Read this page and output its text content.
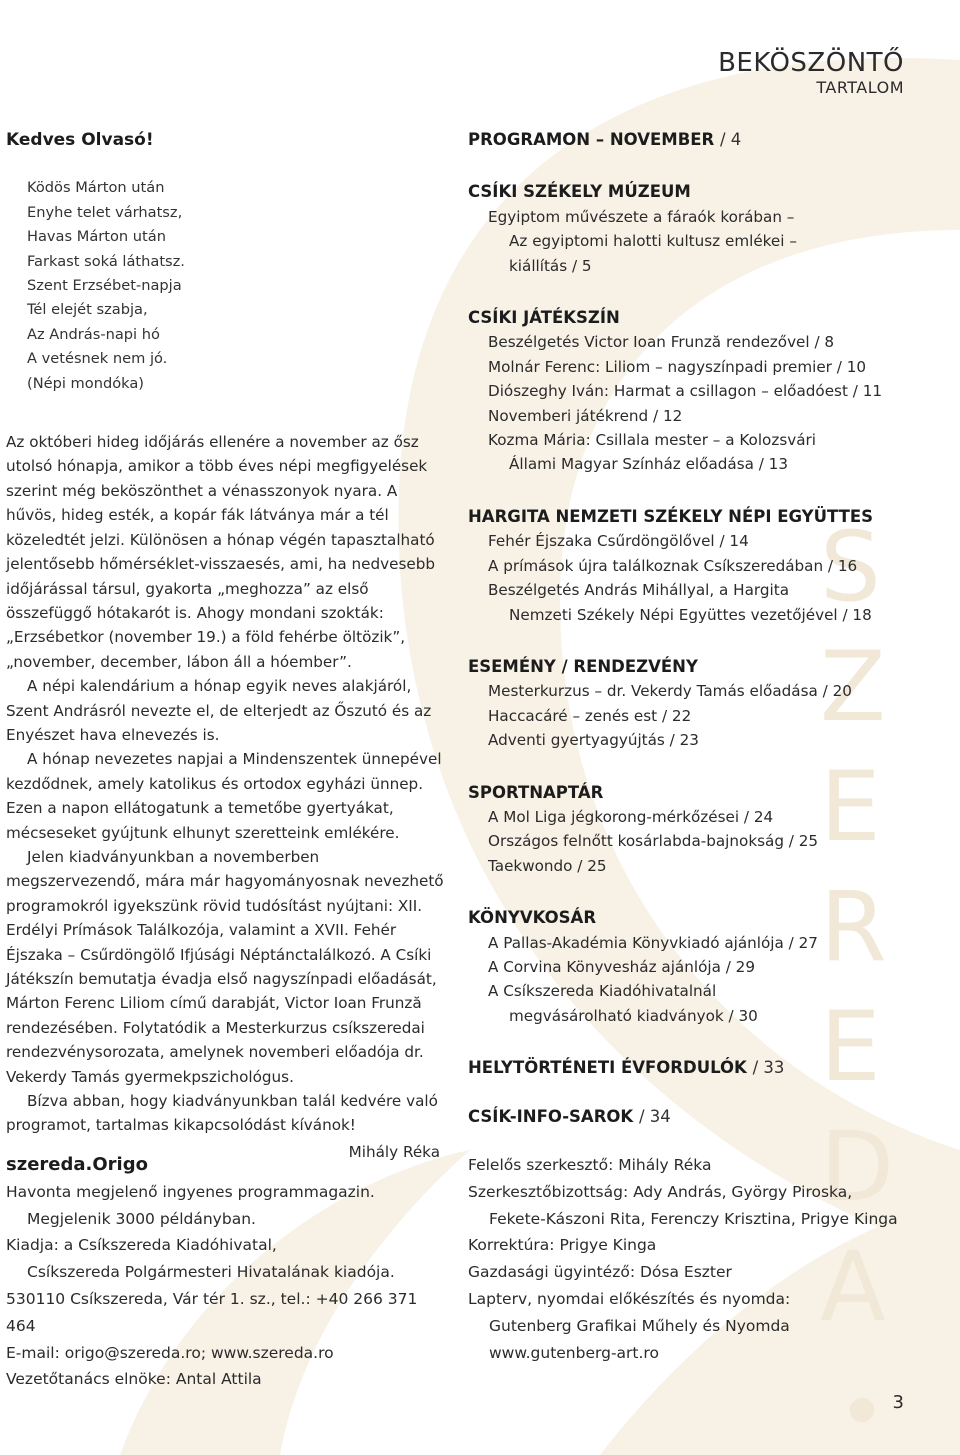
S
Z
E
R
E
D
A
BEKÖSZÖNTŐ
TARTALOM
Kedves Olvasó!
Ködös Márton után
Enyhe telet várhatsz,
Havas Márton után
Farkast soká láthatsz.
Szent Erzsébet-napja
Tél elejét szabja,
Az András-napi hó
A vetésnek nem jó.
(Népi mondóka)
Az októberi hideg időjárás ellenére a november az ősz utolsó hónapja, amikor a több éves népi megfigyelések szerint még beköszönthet a vénasszonyok nyara. A hűvös, hideg esték, a kopár fák látványa már a tél közeledtét jelzi. Különösen a hónap végén tapasztalható jelentősebb hőmérséklet-visszaesés, ami, ha nedvesebb időjárással társul, gyakorta „meghozza” az első összefüggő hótakarót is. Ahogy mondani szokták: „Erzsébetkor (november 19.) a föld fehérbe öltözik”, „november, december, lábon áll a hóember”.
A népi kalendárium a hónap egyik neves alakjáról, Szent Andrásról nevezte el, de elterjedt az Őszutó és az Enyészet hava elnevezés is.
A hónap nevezetes napjai a Mindenszentek ünnepével kezdődnek, amely katolikus és ortodox egyházi ünnep. Ezen a napon ellátogatunk a temetőbe gyertyákat, mécseseket gyújtunk elhunyt szeretteink emlékére.
Jelen kiadványunkban a novemberben megszervezendő, mára már hagyományosnak nevezhető programokról igyekszünk rövid tudósítást nyújtani: XII. Erdélyi Prímások Találkozója, valamint a XVII. Fehér Éjszaka – Csűrdöngölő Ifjúsági Néptánctalálkozó. A Csíki Játékszín bemutatja évadja első nagyszínpadi előadását, Márton Ferenc Liliom című darabját, Victor Ioan Frunză rendezésében. Folytatódik a Mesterkurzus csíkszeredai rendezvénysorozata, amelynek novemberi előadója dr. Vekerdy Tamás gyermekpszichológus.
Bízva abban, hogy kiadványunkban talál kedvére való programot, tartalmas kikapcsolódást kívánok!
Mihály Réka
szereda.Origo
Havonta megjelenő ingyenes programmagazin.
Megjelenik 3000 példányban.
Kiadja: a Csíkszereda Kiadóhivatal,
Csíkszereda Polgármesteri Hivatalának kiadója.
530110 Csíkszereda, Vár tér 1. sz., tel.: +40 266 371 464
E-mail: origo@szereda.ro; www.szereda.ro
Vezetőtanács elnöke: Antal Attila
PROGRAMON – NOVEMBER / 4
CSÍKI SZÉKELY MÚZEUM
Egyiptom művészete a fáraók korában –
Az egyiptomi halotti kultusz emlékei –
kiállítás / 5
CSÍKI JÁTÉKSZÍN
Beszélgetés Victor Ioan Frunză rendezővel / 8
Molnár Ferenc: Liliom – nagyszínpadi premier / 10
Diószeghy Iván: Harmat a csillagon – előadóest / 11
Novemberi játékrend / 12
Kozma Mária: Csillala mester – a Kolozsvári
Állami Magyar Színház előadása / 13
HARGITA NEMZETI SZÉKELY NÉPI EGYÜTTES
Fehér Éjszaka Csűrdöngölővel / 14
A prímások újra találkoznak Csíkszeredában / 16
Beszélgetés András Mihállyal, a Hargita
Nemzeti Székely Népi Együttes vezetőjével / 18
ESEMÉNY / RENDEZVÉNY
Mesterkurzus – dr. Vekerdy Tamás előadása / 20
Haccacáré – zenés est / 22
Adventi gyertyagyújtás / 23
SPORTNAPTÁR
A Mol Liga jégkorong-mérkőzései / 24
Országos felnőtt kosárlabda-bajnokság / 25
Taekwondo / 25
KÖNYVKOSÁR
A Pallas-Akadémia Könyvkiadó ajánlója / 27
A Corvina Könyvesház ajánlója / 29
A Csíkszereda Kiadóhivatalnál
megvásárolható kiadványok / 30
HELYTÖRTÉNETI ÉVFORDULÓK / 33
CSÍK-INFO-SAROK / 34
Felelős szerkesztő: Mihály Réka
Szerkesztőbizottság: Ady András, György Piroska,
Fekete-Kászoni Rita, Ferenczy Krisztina, Prigye Kinga
Korrektúra: Prigye Kinga
Gazdasági ügyintéző: Dósa Eszter
Lapterv, nyomdai előkészítés és nyomda:
Gutenberg Grafikai Műhely és Nyomda
www.gutenberg-art.ro
3
